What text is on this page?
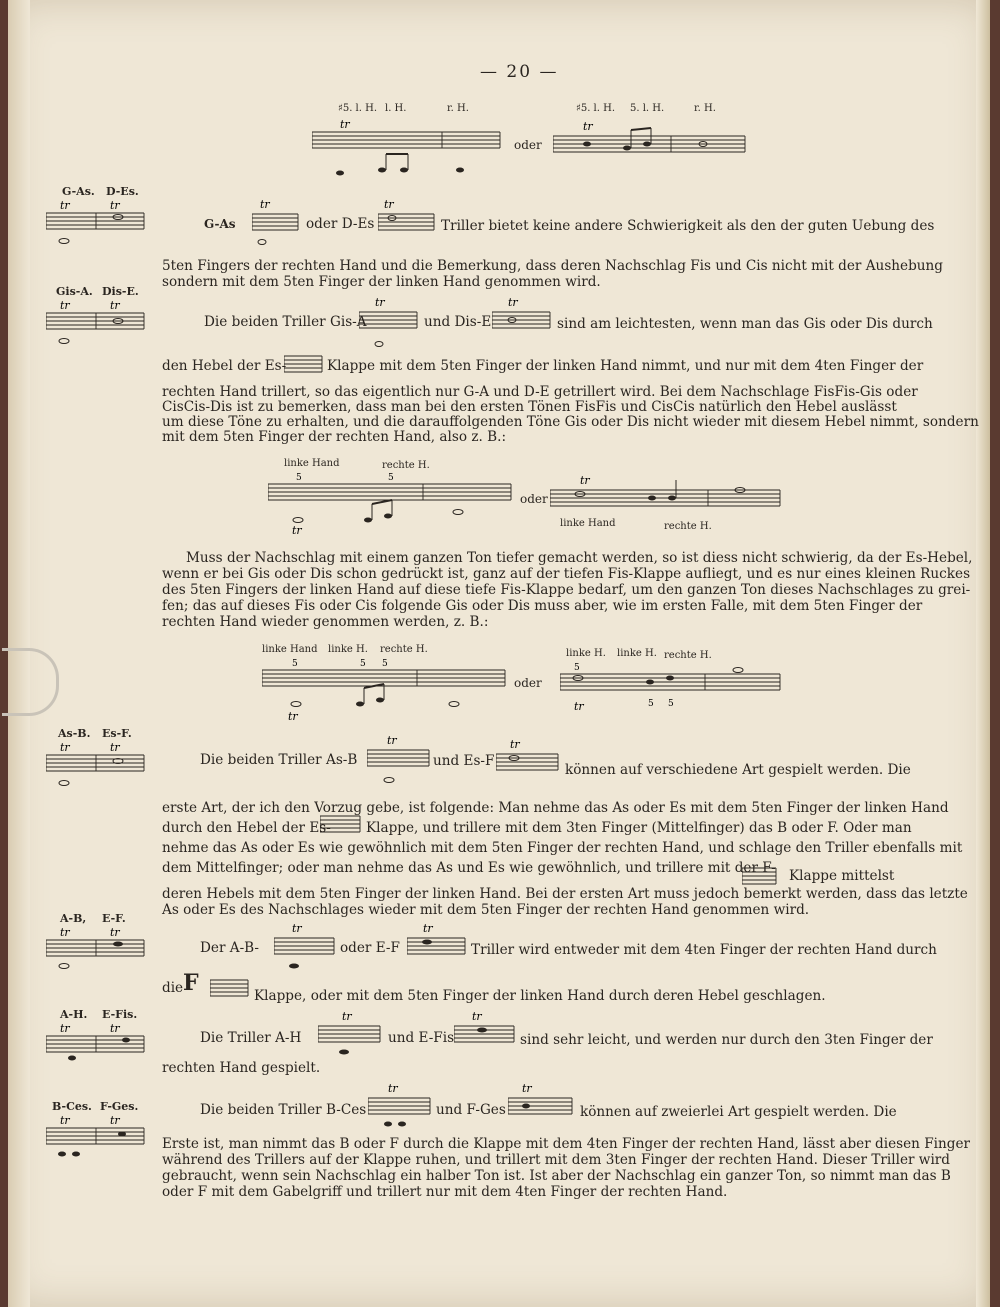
— 20 —
♯5. l. H. l. H.	r. H.
tr
oder
♯5. l. H. 5. l. H.	r. H.
tr
G-As. D-Es.
tr	tr
Gis-A. Dis-E.
tr	tr
As-B. Es-F.
tr	tr
A-B, E-F.
tr	tr
A-H. E-Fis.
tr	tr
B-Ces. F-Ges.
tr	tr
G-As
tr
oder D-Es
tr
Triller bietet keine andere Schwierigkeit als den der guten Uebung des
5ten Fingers der rechten Hand und die Bemerkung, dass deren Nachschlag Fis und Cis nicht mit der Aushebung
sondern mit dem 5ten Finger der linken Hand genommen wird.
Die beiden Triller Gis-A
tr
und Dis-E
tr
sind am leichtesten, wenn man das Gis oder Dis durch
den Hebel der Es-	Klappe mit dem 5ten Finger der linken Hand nimmt, und nur mit dem 4ten Finger der
rechten Hand trillert, so das eigentlich nur G-A und D-E getrillert wird. Bei dem Nachschlage FisFis-Gis oder
CisCis-Dis ist zu bemerken, dass man bei den ersten Tönen FisFis und CisCis natürlich den Hebel auslässt
um diese Töne zu erhalten, und die darauffolgenden Töne Gis oder Dis nicht wieder mit diesem Hebel nimmt, sondern
mit dem 5ten Finger der rechten Hand, also z. B.:
linke Hand	rechte H.
5	5
tr
oder
tr
linke Hand	rechte H.
Muss der Nachschlag mit einem ganzen Ton tiefer gemacht werden, so ist diess nicht schwierig, da der Es-Hebel,
wenn er bei Gis oder Dis schon gedrückt ist, ganz auf der tiefen Fis-Klappe aufliegt, und es nur eines kleinen Ruckes
des 5ten Fingers der linken Hand auf diese tiefe Fis-Klappe bedarf, um den ganzen Ton dieses Nachschlages zu grei-
fen; das auf dieses Fis oder Cis folgende Gis oder Dis muss aber, wie im ersten Falle, mit dem 5ten Finger der
rechten Hand wieder genommen werden, z. B.:
linke Hand linke H. rechte H.
5	5 5
tr
oder
linke H. linke H. rechte H.
5
tr	5 5
Die beiden Triller As-B
tr
und Es-F
tr
können auf verschiedene Art gespielt werden. Die
erste Art, der ich den Vorzug gebe, ist folgende: Man nehme das As oder Es mit dem 5ten Finger der linken Hand
durch den Hebel der Es-	Klappe, und trillere mit dem 3ten Finger (Mittelfinger) das B oder F. Oder man
nehme das As oder Es wie gewöhnlich mit dem 5ten Finger der rechten Hand, und schlage den Triller ebenfalls mit
dem Mittelfinger; oder man nehme das As und Es wie gewöhnlich, und trillere mit der F- Klappe mittelst
deren Hebels mit dem 5ten Finger der linken Hand. Bei der ersten Art muss jedoch bemerkt werden, dass das letzte
As oder Es des Nachschlages wieder mit dem 5ten Finger der rechten Hand genommen wird.
Der A-B-
tr
oder E-F
tr
Triller wird entweder mit dem 4ten Finger der rechten Hand durch
die F	Klappe, oder mit dem 5ten Finger der linken Hand durch deren Hebel geschlagen.
Die Triller A-H
tr
und E-Fis
tr
sind sehr leicht, und werden nur durch den 3ten Finger der
rechten Hand gespielt.
Die beiden Triller B-Ces
tr
und F-Ges
tr
können auf zweierlei Art gespielt werden. Die
Erste ist, man nimmt das B oder F durch die Klappe mit dem 4ten Finger der rechten Hand, lässt aber diesen Finger
während des Trillers auf der Klappe ruhen, und trillert mit dem 3ten Finger der rechten Hand. Dieser Triller wird
gebraucht, wenn sein Nachschlag ein halber Ton ist. Ist aber der Nachschlag ein ganzer Ton, so nimmt man das B
oder F mit dem Gabelgriff und trillert nur mit dem 4ten Finger der rechten Hand.
